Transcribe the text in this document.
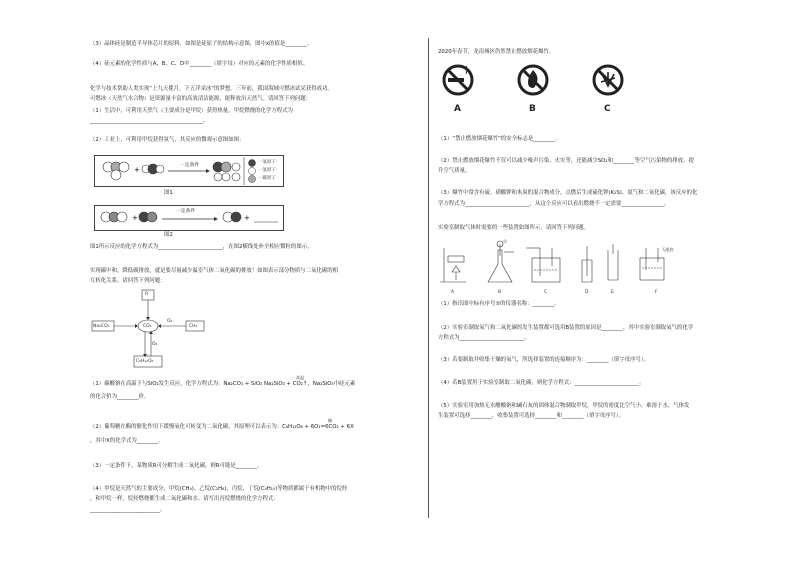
（3）晶体硅是制造半导体芯片的原料，如图是硅原子的结构示意图，图中x的值是________。
（4）硅元素的化学性质与A、B、C、D中________（填字母）对应的元素的化学性质相似。
化学与技术帮助人类实现“上九天揽月，下五洋采冰”的梦想。三年前，我国海域可燃冰试采获得成功。
可燃冰（天然气水合物）是资源量丰富的高效清洁能源，能释放出天然气。请回答下列问题：
（1）生活中，可利用天然气（主要成分是甲烷）获得热量。甲烷燃烧的化学方程式为
__________________________________________。
（2）工业上，可利用甲烷获得氢气，其反应的微观示意图如图：
+
一定条件
一氧原子
一氢原子
一碳原子
图1
+	+
一定条件
图2
图1所示反应的化学方程式为________________________，在图2横线处补全相应微粒的图示。
实现碳中和，降低碳排放，就是要尽量减少温室气体二氧化碳的排放！如图表示部分物质与二氧化碳的相
互转化关系。请回答下列问题：
R
CO₂
Na₂CO₃	CH₄
C₆H₁₂O₆
O₂
O₂
高温
（1）碳酸钠在高温下与SiO₂发生反应，化学方程式为：Na₂CO₃ + SiO₂ Na₂SiO₃ + CO₂↑，Na₂SiO₃中硅元素
的化合价为________价。
酶
（2）葡萄糖在酶的催化作用下缓慢氧化可转变为二氧化碳，其原理可以表示为：C₆H₁₂O₆ + 6O₂=6CO₂ + 6X
，其中X的化学式为________。
（3）一定条件下，某物质R可分解生成二氧化碳，则R可能是________。
（4）甲烷是天然气的主要成分，甲烷(CH₄)、乙烷(C₂H₆)、丙烷、丁烷(C₄H₁₀)等物质都属于有机物中的烷烃
，和甲烷一样，烷烃燃烧都生成二氧化碳和水。请写出丙烷燃烧的化学方程式：
__________________________。
2020年春节，龙南城区仍然禁止燃放烟花爆竹。
A	B	C
（1）“禁止燃放烟花爆竹”的安全标志是________。
（2）禁止燃放烟花爆竹不仅可以减少噪声污染、火灾等，还能减少SO₂和________等空气污染物的排放，提
升空气质量。
（3）爆竹中常含有硫、硝酸钾和木炭的混合物成分，点燃后生成硫化钾(K₂S)、氮气和二氧化碳，该反应的化
学方程式为________________________，从这个反应可以看出燃烧不一定需要________________。
实验室制取气体时需要的一些装置如图所示，请回答下列问题。
①
无瓶底
A	B	C	D	E	F
（1）指出图中标有序号①的仪器名称：________。
（2）实验室制取氧气和二氧化碳的发生装置都可选用B装置的原因是________，其中实验室制取氧气的化学
方程式为________________________。
（3）若要制取并收集干燥的氧气，所选择装置的连接顺序为：________（填字母序号）。
（4）若B装置用于实验室制取二氧化碳，则化学方程式：________________________。
（5）实验室用加热无水醋酸钠和碱石灰的固体混合物制取甲烷，甲烷的密度比空气小、难溶于水，气体发
生装置可选择________，收集装置可选择________和________（填字母序号）。
